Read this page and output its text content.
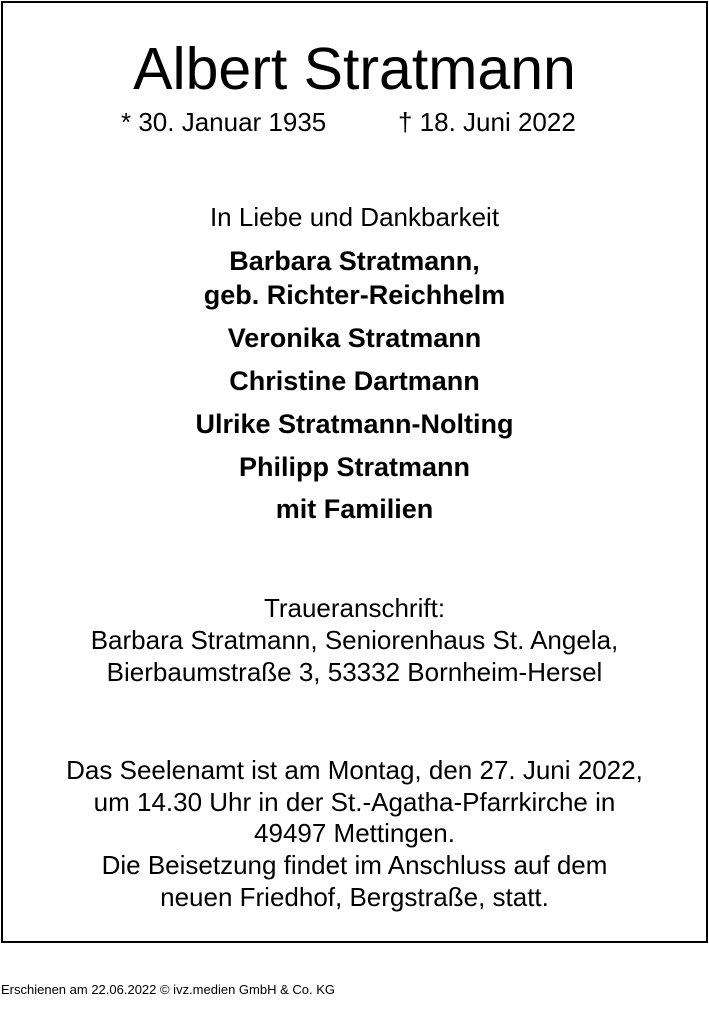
Albert Stratmann
* 30. Januar 1935	† 18. Juni 2022
In Liebe und Dankbarkeit
Barbara Stratmann,
geb. Richter-Reichhelm
Veronika Stratmann
Christine Dartmann
Ulrike Stratmann-Nolting
Philipp Stratmann
mit Familien
Traueranschrift:
Barbara Stratmann, Seniorenhaus St. Angela,
Bierbaumstraße 3, 53332 Bornheim-Hersel
Das Seelenamt ist am Montag, den 27. Juni 2022,
um 14.30 Uhr in der St.-Agatha-Pfarrkirche in
49497 Mettingen.
Die Beisetzung findet im Anschluss auf dem
neuen Friedhof, Bergstraße, statt.
Erschienen am 22.06.2022 © ivz.medien GmbH & Co. KG
